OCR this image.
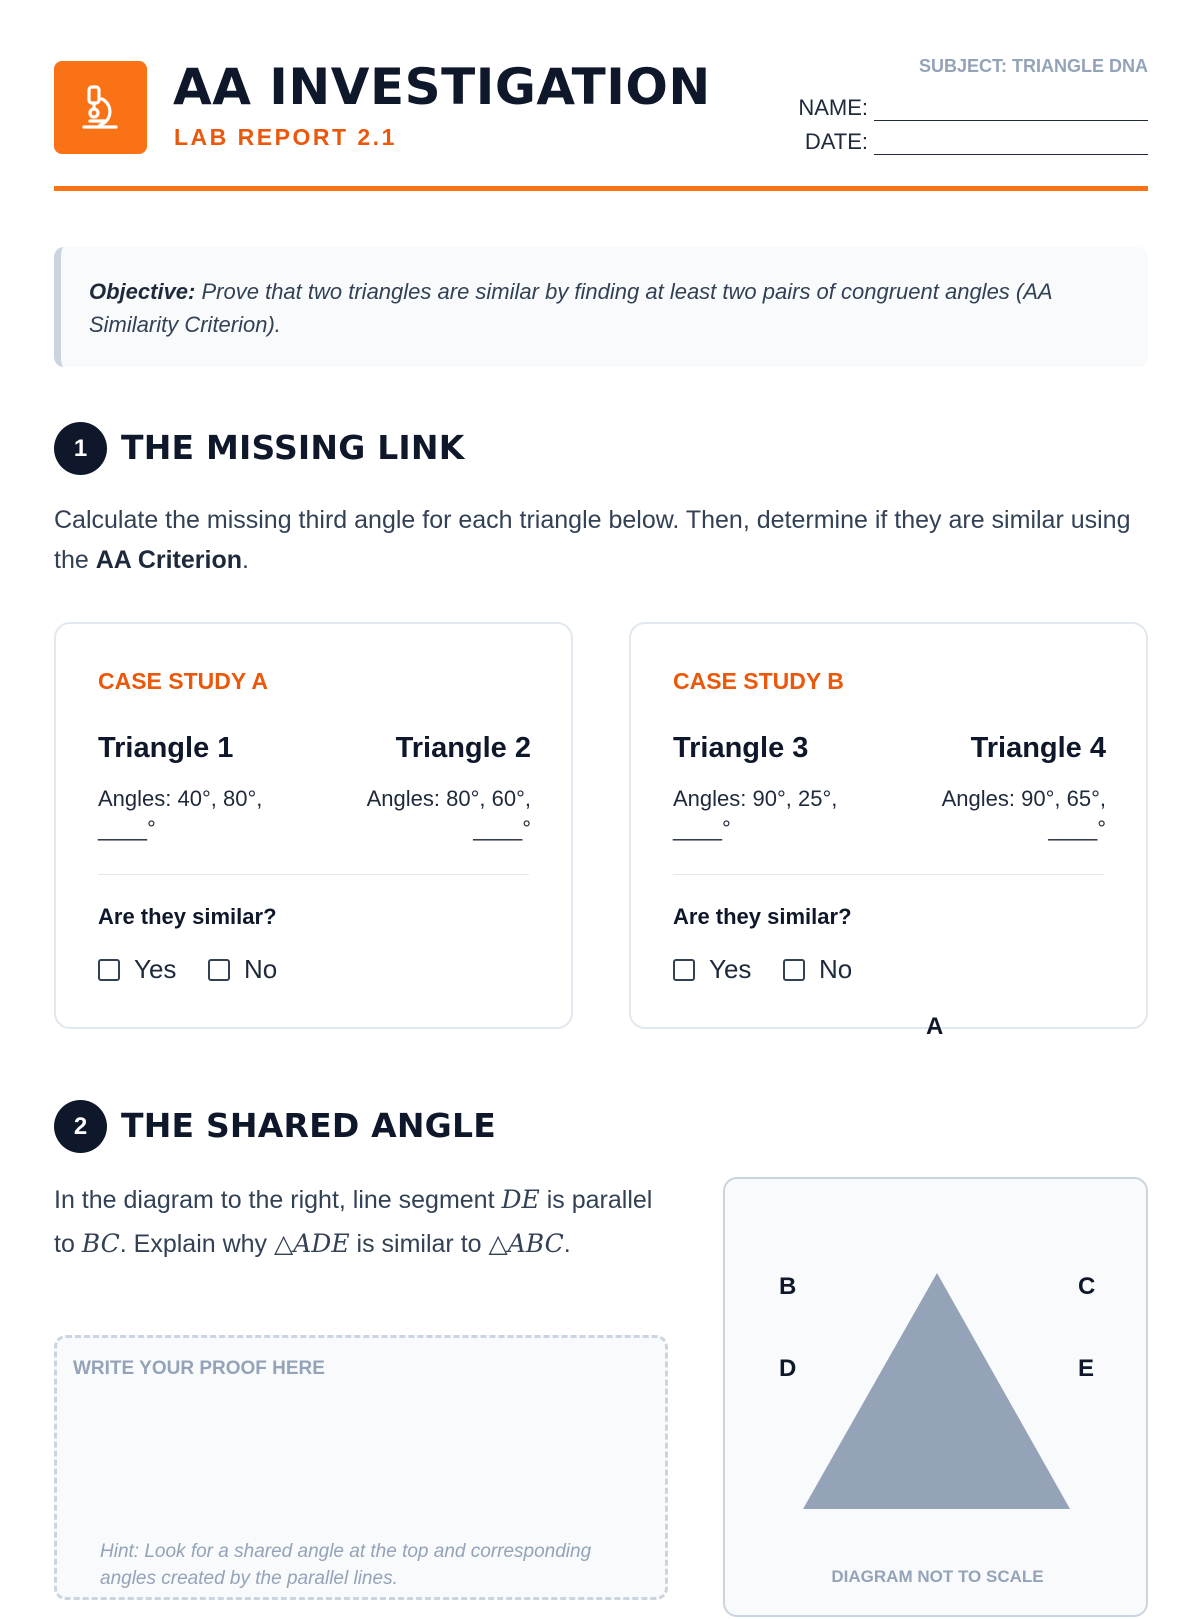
AA INVESTIGATION
LAB REPORT 2.1
SUBJECT: TRIANGLE DNA
NAME:
DATE:
Objective: Prove that two triangles are similar by finding at least two pairs of congruent angles (AA Similarity Criterion).
1	THE MISSING LINK
Calculate the missing third angle for each triangle below. Then, determine if they are similar using the AA Criterion.
CASE STUDY A
Triangle 1	Triangle 2
Angles: 40°, 80°,
____°
Angles: 80°, 60°,
____°
Are they similar?
Yes	No
CASE STUDY B
Triangle 3	Triangle 4
Angles: 90°, 25°,
____°
Angles: 90°, 65°,
____°
Are they similar?
Yes	No
2	THE SHARED ANGLE
In the diagram to the right, line segment DE is parallel to BC. Explain why △ADE is similar to △ABC.
WRITE YOUR PROOF HERE
Hint: Look for a shared angle at the top and corresponding angles created by the parallel lines.
B	C
D	E
DIAGRAM NOT TO SCALE
A
